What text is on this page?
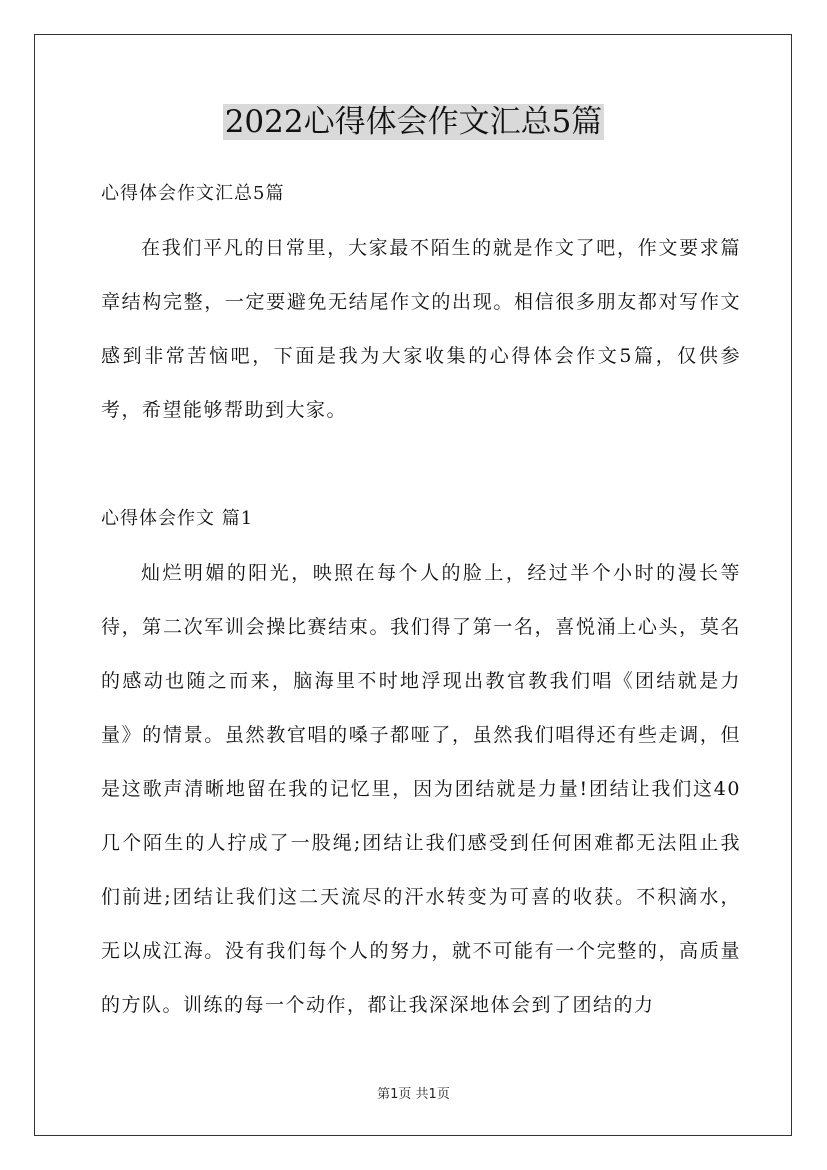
2022心得体会作文汇总5篇
心得体会作文汇总5篇

在我们平凡的日常里，大家最不陌生的就是作文了吧，作文要求篇章结构完整，一定要避免无结尾作文的出现。相信很多朋友都对写作文感到非常苦恼吧，下面是我为大家收集的心得体会作文5篇，仅供参考，希望能够帮助到大家。

心得体会作文 篇1

灿烂明媚的阳光，映照在每个人的脸上，经过半个小时的漫长等待，第二次军训会操比赛结束。我们得了第一名，喜悦涌上心头，莫名的感动也随之而来，脑海里不时地浮现出教官教我们唱《团结就是力量》的情景。虽然教官唱的嗓子都哑了，虽然我们唱得还有些走调，但是这歌声清晰地留在我的记忆里，因为团结就是力量!团结让我们这40几个陌生的人拧成了一股绳;团结让我们感受到任何困难都无法阻止我们前进;团结让我们这二天流尽的汗水转变为可喜的收获。不积滴水，无以成江海。没有我们每个人的努力，就不可能有一个完整的，高质量的方队。训练的每一个动作，都让我深深地体会到了团结的力

第1页 共1页
